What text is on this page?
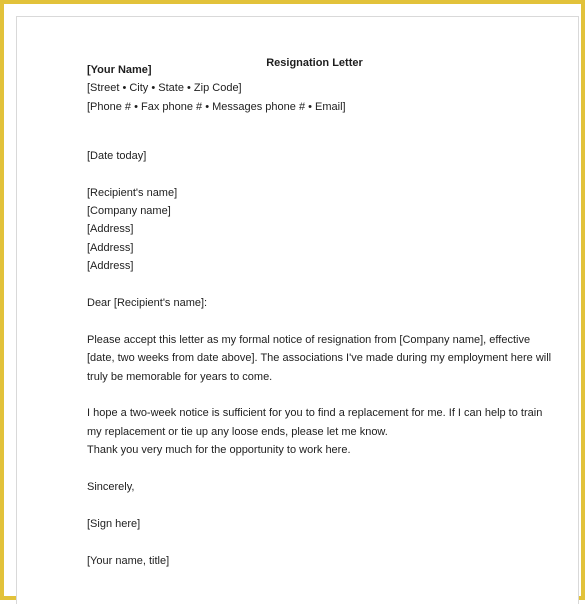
Resignation Letter
[Your Name]
[Street • City • State • Zip Code]
[Phone # • Fax phone # • Messages phone # • Email]
[Date today]
[Recipient's name]
[Company name]
[Address]
[Address]
[Address]
Dear [Recipient's name]:
Please accept this letter as my formal notice of resignation from [Company name], effective
[date, two weeks from date above]. The associations I've made during my employment here will
truly be memorable for years to come.
I hope a two-week notice is sufficient for you to find a replacement for me. If I can help to train
my replacement or tie up any loose ends, please let me know.
Thank you very much for the opportunity to work here.
Sincerely,
[Sign here]
[Your name, title]
